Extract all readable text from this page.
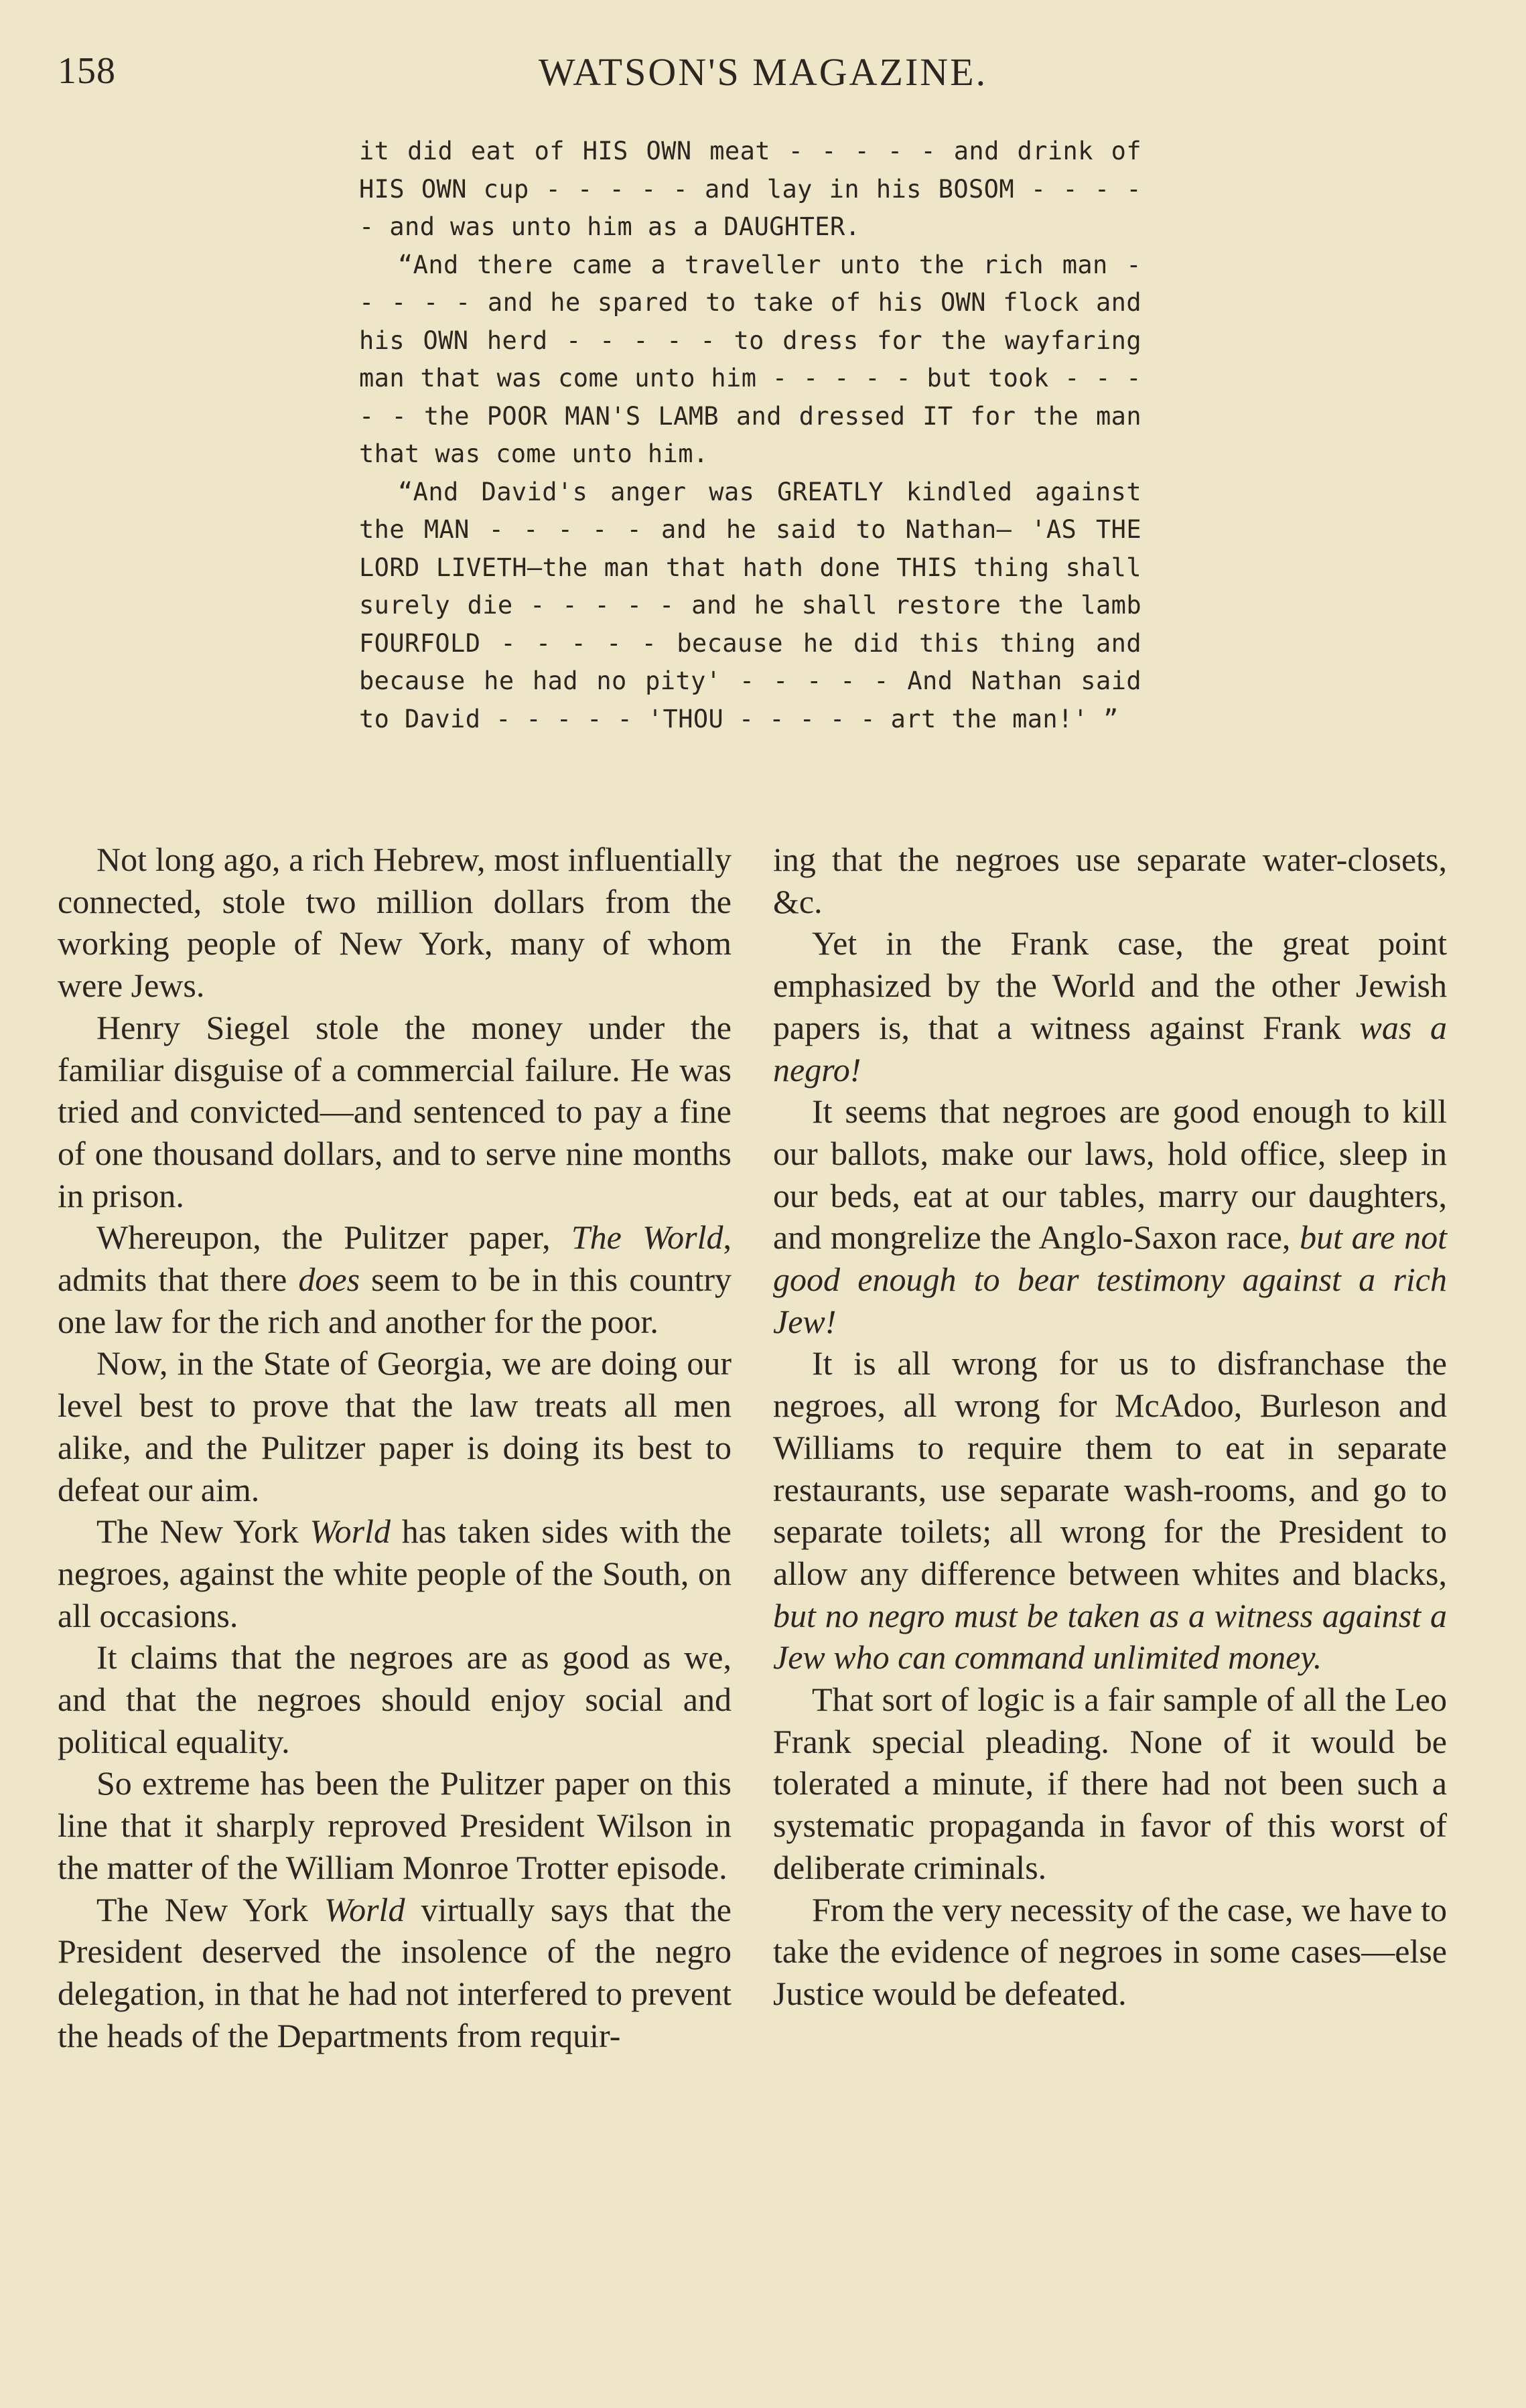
158	WATSON'S MAGAZINE.

it did eat of HIS OWN meat - - - - - and drink of HIS OWN cup - - - - - and lay in his BOSOM - - - - - and was unto him as a DAUGHTER.

“And there came a traveller unto the rich man - - - - - and he spared to take of his OWN flock and his OWN herd - - - - - to dress for the wayfaring man that was come unto him - - - - - but took - - - - - the POOR MAN'S LAMB and dressed IT for the man that was come unto him.

“And David's anger was GREATLY kindled against the MAN - - - - - and he said to Nathan— 'AS THE LORD LIVETH—the man that hath done THIS thing shall surely die - - - - - and he shall restore the lamb FOURFOLD - - - - - because he did this thing and because he had no pity' - - - - - And Nathan said to David - - - - - 'THOU - - - - - art the man!' ”

Not long ago, a rich Hebrew, most influentially connected, stole two million dollars from the working people of New York, many of whom were Jews.

Henry Siegel stole the money under the familiar disguise of a commercial failure. He was tried and convicted—and sentenced to pay a fine of one thousand dollars, and to serve nine months in prison.

Whereupon, the Pulitzer paper, The World, admits that there does seem to be in this country one law for the rich and another for the poor.

Now, in the State of Georgia, we are doing our level best to prove that the law treats all men alike, and the Pulitzer paper is doing its best to defeat our aim.

The New York World has taken sides with the negroes, against the white people of the South, on all occasions.

It claims that the negroes are as good as we, and that the negroes should enjoy social and political equality.

So extreme has been the Pulitzer paper on this line that it sharply reproved President Wilson in the matter of the William Monroe Trotter episode.

The New York World virtually says that the President deserved the insolence of the negro delegation, in that he had not interfered to prevent the heads of the Departments from requir-

ing that the negroes use separate water-closets, &c.

Yet in the Frank case, the great point emphasized by the World and the other Jewish papers is, that a witness against Frank was a negro!

It seems that negroes are good enough to kill our ballots, make our laws, hold office, sleep in our beds, eat at our tables, marry our daughters, and mongrelize the Anglo-Saxon race, but are not good enough to bear testimony against a rich Jew!

It is all wrong for us to disfranchase the negroes, all wrong for McAdoo, Burleson and Williams to require them to eat in separate restaurants, use separate wash-rooms, and go to separate toilets; all wrong for the President to allow any difference between whites and blacks, but no negro must be taken as a witness against a Jew who can command unlimited money.

That sort of logic is a fair sample of all the Leo Frank special pleading. None of it would be tolerated a minute, if there had not been such a systematic propaganda in favor of this worst of deliberate criminals.

From the very necessity of the case, we have to take the evidence of negroes in some cases—else Justice would be defeated.
